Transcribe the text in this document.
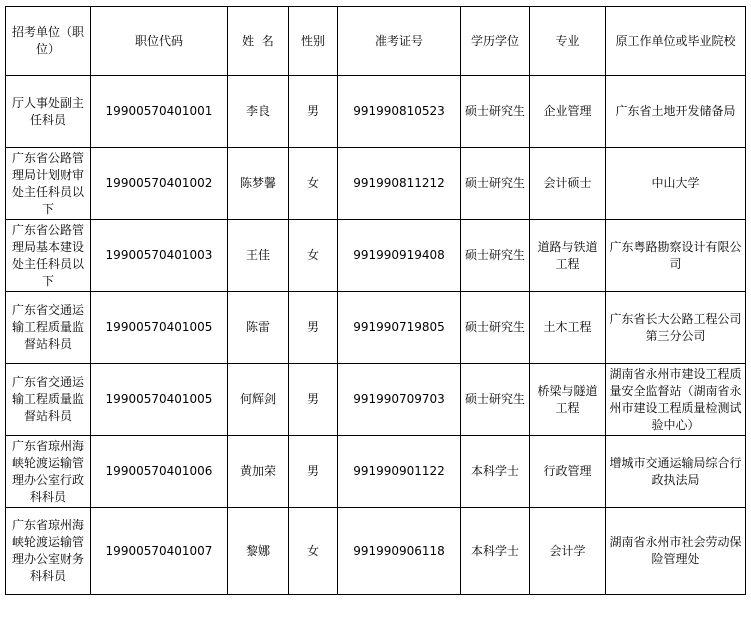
招考单位（职位）	职位代码	姓  名	性别	准考证号	学历学位	专业	原工作单位或毕业院校
厅人事处副主任科员	19900570401001	李良	男	991990810523	硕士研究生	企业管理	广东省土地开发储备局
广东省公路管理局计划财审处主任科员以下	19900570401002	陈梦馨	女	991990811212	硕士研究生	会计硕士	中山大学
广东省公路管理局基本建设处主任科员以下	19900570401003	王佳	女	991990919408	硕士研究生	道路与铁道工程	广东粤路勘察设计有限公司
广东省交通运输工程质量监督站科员	19900570401005	陈雷	男	991990719805	硕士研究生	土木工程	广东省长大公路工程公司第三分公司
广东省交通运输工程质量监督站科员	19900570401005	何辉剑	男	991990709703	硕士研究生	桥梁与隧道工程	湖南省永州市建设工程质量安全监督站（湖南省永州市建设工程质量检测试验中心）
广东省琼州海峡轮渡运输管理办公室行政科科员	19900570401006	黄加荣	男	991990901122	本科学士	行政管理	增城市交通运输局综合行政执法局
广东省琼州海峡轮渡运输管理办公室财务科科员	19900570401007	黎娜	女	991990906118	本科学士	会计学	湖南省永州市社会劳动保险管理处
